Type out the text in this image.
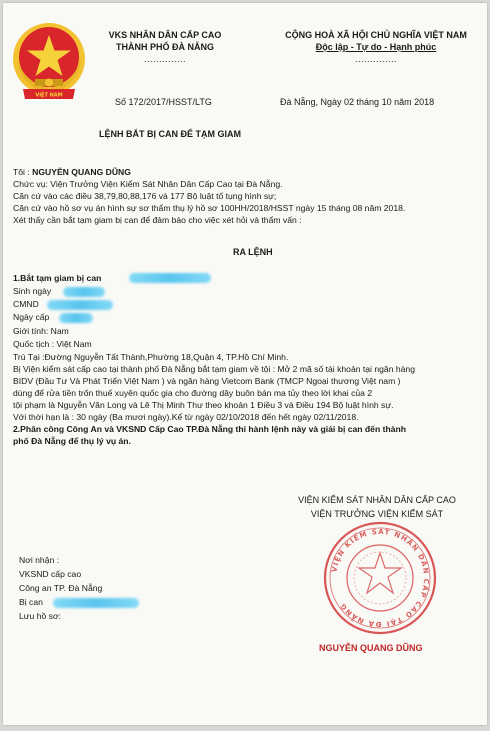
VIỆT NAM
VKS NHÂN DÂN CẤP CAO
THÀNH PHỐ ĐÀ NẴNG
..............
CỘNG HOÀ XÃ HỘI CHỦ NGHĨA VIỆT NAM
Độc lập - Tự do - Hạnh phúc
..............
Số 172/2017/HSST/LTG	Đà Nẵng, Ngày 02 tháng 10 năm 2018
LỆNH BẮT BỊ CAN ĐỂ TẠM GIAM
Tôi : NGUYỄN QUANG DŨNG
Chức vụ: Viện Trưởng Viện Kiểm Sát Nhân Dân Cấp Cao tại Đà Nẵng.
Căn cứ vào các điều 38,79,80,88,176 và 177 Bộ luật tố tụng hình sự;
Căn cứ vào hồ sơ vụ án hình sự sơ thẩm thụ lý hồ sơ 100HH/2018/HSST ngày 15 tháng 08 năm 2018.
Xét thấy cần bắt tạm giam bị can để đảm bảo cho việc xét hỏi và thẩm vấn :
RA LỆNH
1.Bắt tạm giam bị can
Sinh ngày
CMND
Ngày cấp
Giới tính: Nam
Quốc tịch : Việt Nam
Trú Tại :Đường Nguyễn Tất Thành,Phường 18,Quận 4, TP.Hồ Chí Minh.
Bị Viện kiểm sát cấp cao tại thành phố Đà Nẵng bắt tạm giam về tội : Mở 2 mã số tài khoản tại ngân hàng
BIDV (Đầu Tư Và Phát Triển Việt Nam ) và ngân hàng Vietcom Bank (TMCP Ngoại thương Việt nam )
dùng để rửa tiền trốn thuế xuyên quốc gia cho đường dây buôn bán ma tủy theo lời khai của 2
tội phạm là Nguyễn Văn Long và Lê Thị Minh Thư theo khoản 1 Điều 3 và Điều 194 Bộ luật hình sự.
Với thời hạn là : 30 ngày (Ba mươi ngày).Kể từ ngày 02/10/2018 đến hết ngày 02/11/2018.
2.Phân công Công An và VKSND Cấp Cao TP.Đà Nẵng thi hành lệnh này và giải bị can đến thành
phố Đà Nẵng để thụ lý vụ án.
VIỆN KIỂM SÁT NHÂN DÂN CẤP CAO
VIỆN TRƯỞNG VIỆN KIỂM SÁT
VIỆN KIỂM SÁT NHÂN DÂN CẤP CAO TẠI ĐÀ NẴNG
NGUYỄN QUANG DŨNG
Nơi nhận :
VKSND cấp cao
Công an TP. Đà Nẵng
Bị can
Lưu hồ sơ:
